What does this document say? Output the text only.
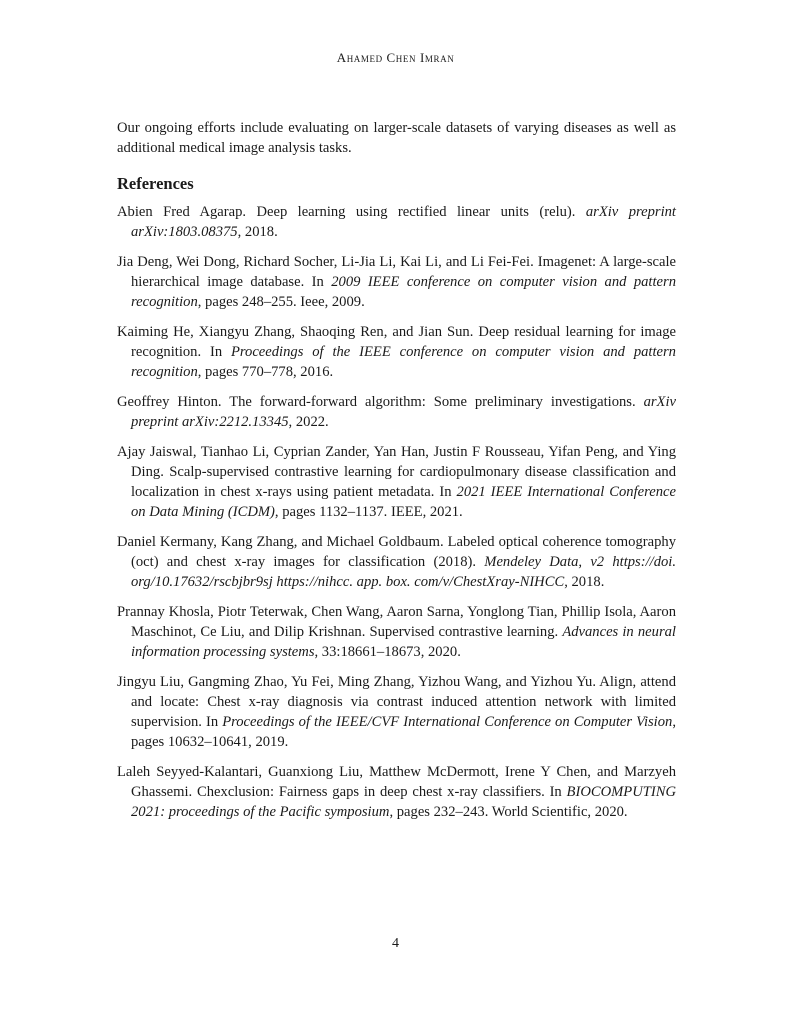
Ahamed Chen Imran

Our ongoing efforts include evaluating on larger-scale datasets of varying diseases as well as additional medical image analysis tasks.

References
Abien Fred Agarap. Deep learning using rectified linear units (relu). arXiv preprint arXiv:1803.08375, 2018.
Jia Deng, Wei Dong, Richard Socher, Li-Jia Li, Kai Li, and Li Fei-Fei. Imagenet: A large-scale hierarchical image database. In 2009 IEEE conference on computer vision and pattern recognition, pages 248–255. Ieee, 2009.
Kaiming He, Xiangyu Zhang, Shaoqing Ren, and Jian Sun. Deep residual learning for image recognition. In Proceedings of the IEEE conference on computer vision and pattern recognition, pages 770–778, 2016.
Geoffrey Hinton. The forward-forward algorithm: Some preliminary investigations. arXiv preprint arXiv:2212.13345, 2022.
Ajay Jaiswal, Tianhao Li, Cyprian Zander, Yan Han, Justin F Rousseau, Yifan Peng, and Ying Ding. Scalp-supervised contrastive learning for cardiopulmonary disease classification and localization in chest x-rays using patient metadata. In 2021 IEEE International Conference on Data Mining (ICDM), pages 1132–1137. IEEE, 2021.
Daniel Kermany, Kang Zhang, and Michael Goldbaum. Labeled optical coherence tomography (oct) and chest x-ray images for classification (2018). Mendeley Data, v2 https://doi. org/10.17632/rscbjbr9sj https://nihcc. app. box. com/v/ChestXray-NIHCC, 2018.
Prannay Khosla, Piotr Teterwak, Chen Wang, Aaron Sarna, Yonglong Tian, Phillip Isola, Aaron Maschinot, Ce Liu, and Dilip Krishnan. Supervised contrastive learning. Advances in neural information processing systems, 33:18661–18673, 2020.
Jingyu Liu, Gangming Zhao, Yu Fei, Ming Zhang, Yizhou Wang, and Yizhou Yu. Align, attend and locate: Chest x-ray diagnosis via contrast induced attention network with limited supervision. In Proceedings of the IEEE/CVF International Conference on Computer Vision, pages 10632–10641, 2019.
Laleh Seyyed-Kalantari, Guanxiong Liu, Matthew McDermott, Irene Y Chen, and Marzyeh Ghassemi. Chexclusion: Fairness gaps in deep chest x-ray classifiers. In BIOCOMPUTING 2021: proceedings of the Pacific symposium, pages 232–243. World Scientific, 2020.
4
